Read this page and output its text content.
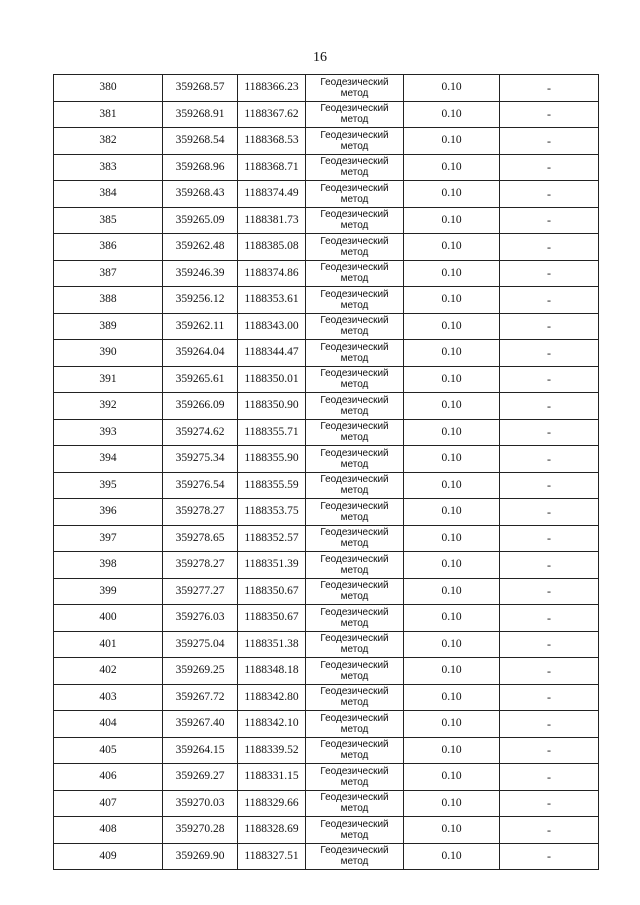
16
380	359268.57	1188366.23	Геодезический метод	0.10	-
381	359268.91	1188367.62	Геодезический метод	0.10	-
382	359268.54	1188368.53	Геодезический метод	0.10	-
383	359268.96	1188368.71	Геодезический метод	0.10	-
384	359268.43	1188374.49	Геодезический метод	0.10	-
385	359265.09	1188381.73	Геодезический метод	0.10	-
386	359262.48	1188385.08	Геодезический метод	0.10	-
387	359246.39	1188374.86	Геодезический метод	0.10	-
388	359256.12	1188353.61	Геодезический метод	0.10	-
389	359262.11	1188343.00	Геодезический метод	0.10	-
390	359264.04	1188344.47	Геодезический метод	0.10	-
391	359265.61	1188350.01	Геодезический метод	0.10	-
392	359266.09	1188350.90	Геодезический метод	0.10	-
393	359274.62	1188355.71	Геодезический метод	0.10	-
394	359275.34	1188355.90	Геодезический метод	0.10	-
395	359276.54	1188355.59	Геодезический метод	0.10	-
396	359278.27	1188353.75	Геодезический метод	0.10	-
397	359278.65	1188352.57	Геодезический метод	0.10	-
398	359278.27	1188351.39	Геодезический метод	0.10	-
399	359277.27	1188350.67	Геодезический метод	0.10	-
400	359276.03	1188350.67	Геодезический метод	0.10	-
401	359275.04	1188351.38	Геодезический метод	0.10	-
402	359269.25	1188348.18	Геодезический метод	0.10	-
403	359267.72	1188342.80	Геодезический метод	0.10	-
404	359267.40	1188342.10	Геодезический метод	0.10	-
405	359264.15	1188339.52	Геодезический метод	0.10	-
406	359269.27	1188331.15	Геодезический метод	0.10	-
407	359270.03	1188329.66	Геодезический метод	0.10	-
408	359270.28	1188328.69	Геодезический метод	0.10	-
409	359269.90	1188327.51	Геодезический метод	0.10	-
